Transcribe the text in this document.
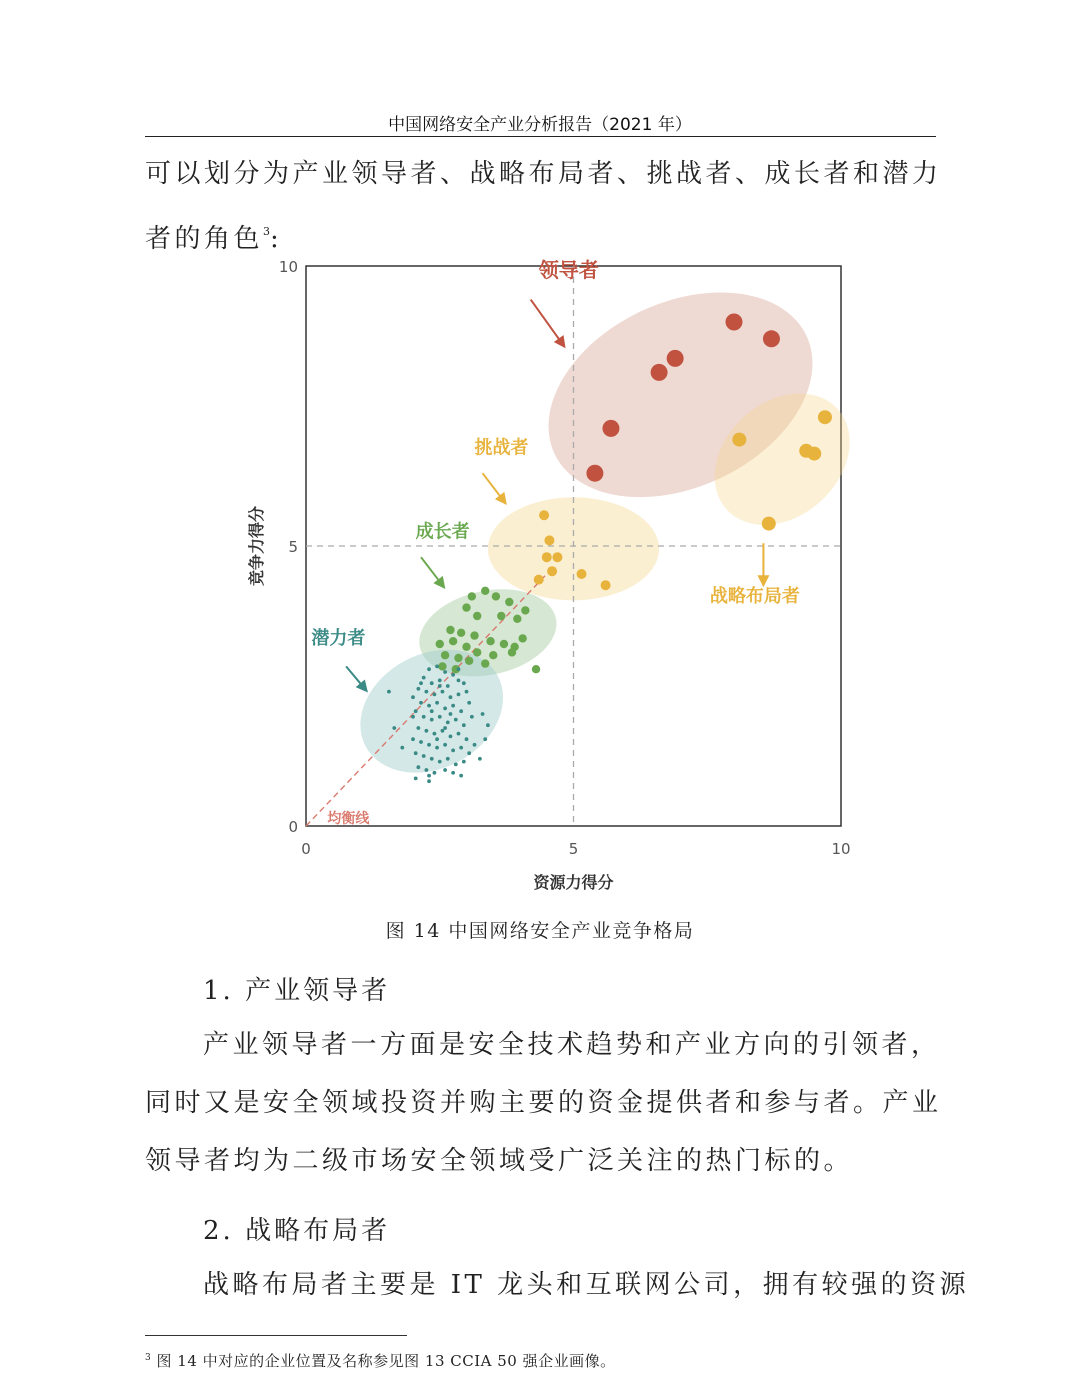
中国网络安全产业分析报告（2021 年）

可以划分为产业领导者、战略布局者、挑战者、成长者和潜力
者的角色$^3$:

领导者
战略布局者
挑战者
成长者
潜力者
均衡线
0
0
5
5
10
10
资源力得分
竞争力得分
图 14 中国网络安全产业竞争格局
1. 产业领导者

产业领导者一方面是安全技术趋势和产业方向的引领者，
同时又是安全领域投资并购主要的资金提供者和参与者。产业
领导者均为二级市场安全领域受广泛关注的热门标的。

2. 战略布局者

战略布局者主要是 IT 龙头和互联网公司，拥有较强的资源

$^3$ 图 14 中对应的企业位置及名称参见图 13 CCIA 50 强企业画像。
